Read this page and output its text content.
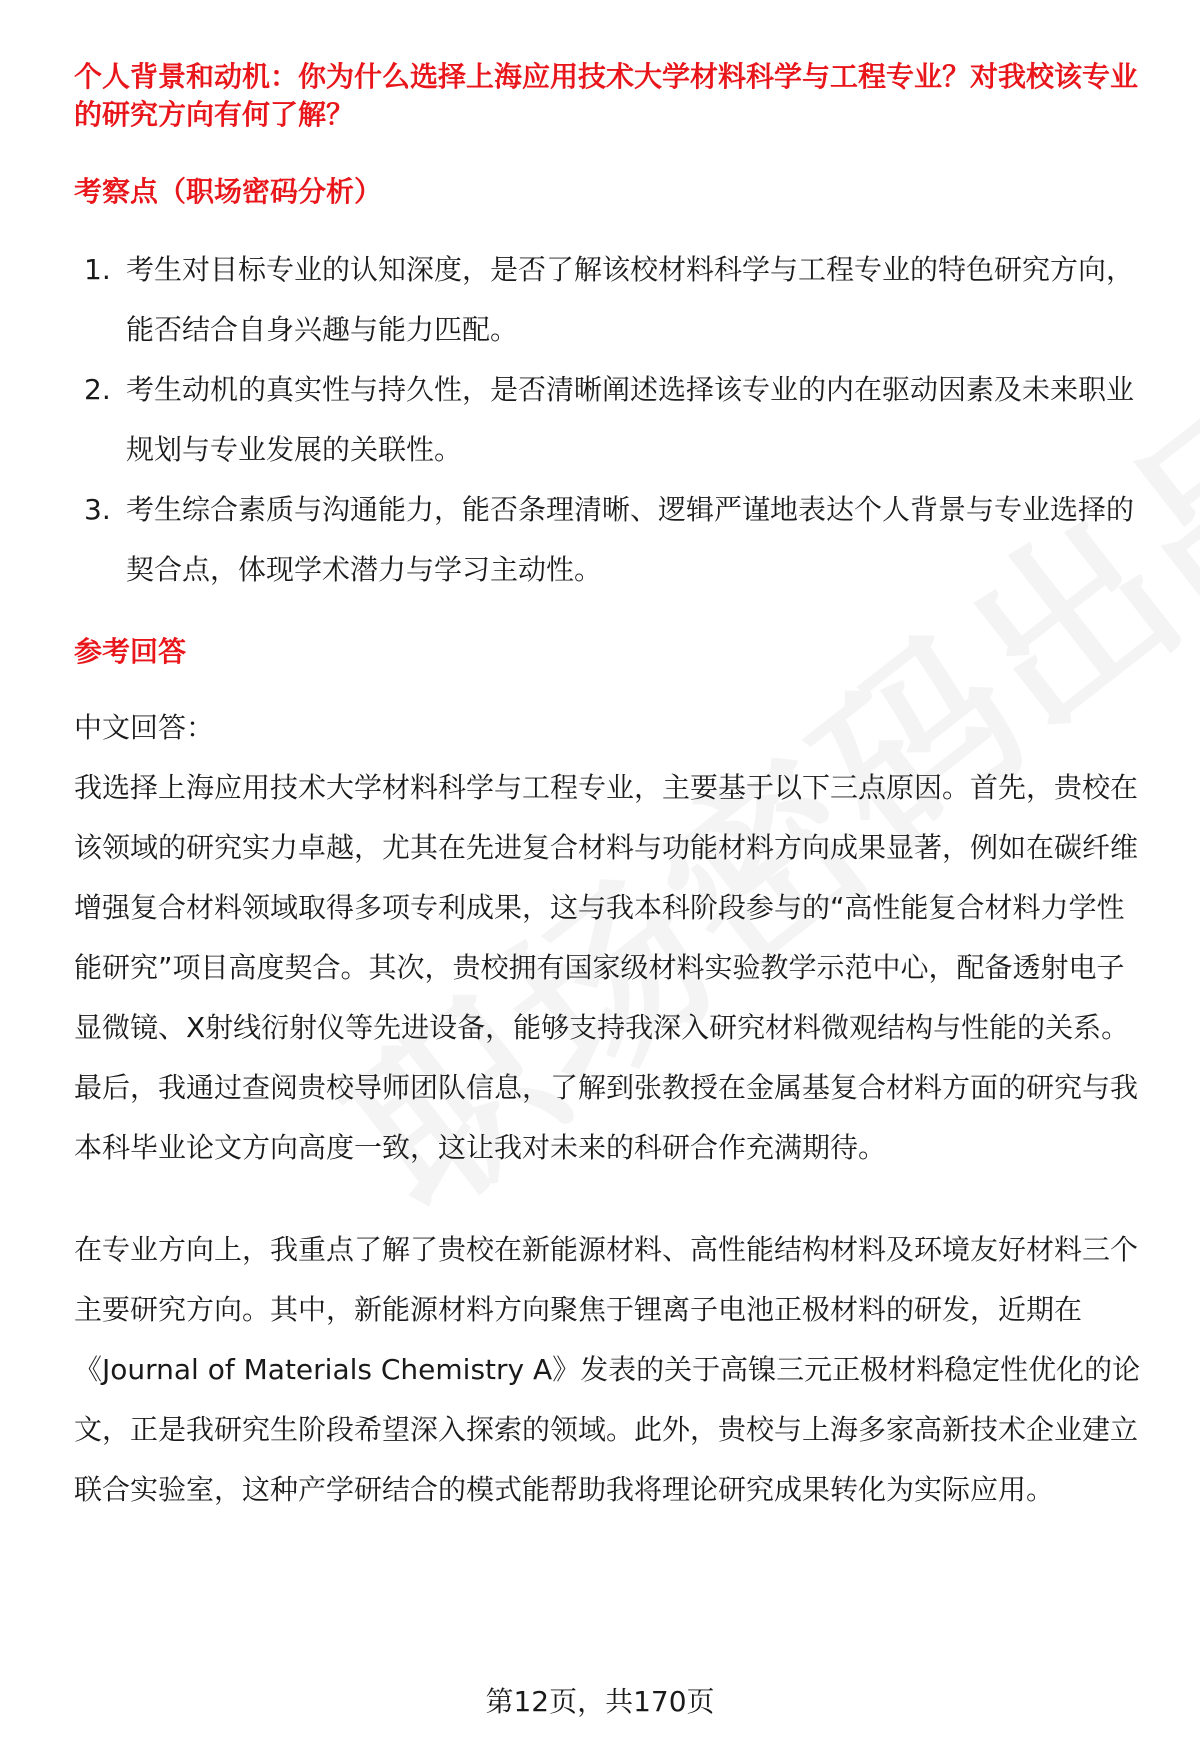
个人背景和动机：你为什么选择上海应用技术大学材料科学与工程专业？对我校该专业的研究方向有何了解？

考察点（职场密码分析）

1. 考生对目标专业的认知深度，是否了解该校材料科学与工程专业的特色研究方向，能否结合自身兴趣与能力匹配。
2. 考生动机的真实性与持久性，是否清晰阐述选择该专业的内在驱动因素及未来职业规划与专业发展的关联性。
3. 考生综合素质与沟通能力，能否条理清晰、逻辑严谨地表达个人背景与专业选择的契合点，体现学术潜力与学习主动性。

参考回答

中文回答：

我选择上海应用技术大学材料科学与工程专业，主要基于以下三点原因。首先，贵校在该领域的研究实力卓越，尤其在先进复合材料与功能材料方向成果显著，例如在碳纤维增强复合材料领域取得多项专利成果，这与我本科阶段参与的“高性能复合材料力学性能研究”项目高度契合。其次，贵校拥有国家级材料实验教学示范中心，配备透射电子显微镜、X射线衍射仪等先进设备，能够支持我深入研究材料微观结构与性能的关系。最后，我通过查阅贵校导师团队信息，了解到张教授在金属基复合材料方面的研究与我本科毕业论文方向高度一致，这让我对未来的科研合作充满期待。

在专业方向上，我重点了解了贵校在新能源材料、高性能结构材料及环境友好材料三个主要研究方向。其中，新能源材料方向聚焦于锂离子电池正极材料的研发，近期在《Journal of Materials Chemistry A》发表的关于高镍三元正极材料稳定性优化的论文，正是我研究生阶段希望深入探索的领域。此外，贵校与上海多家高新技术企业建立联合实验室，这种产学研结合的模式能帮助我将理论研究成果转化为实际应用。

第12页，共170页
